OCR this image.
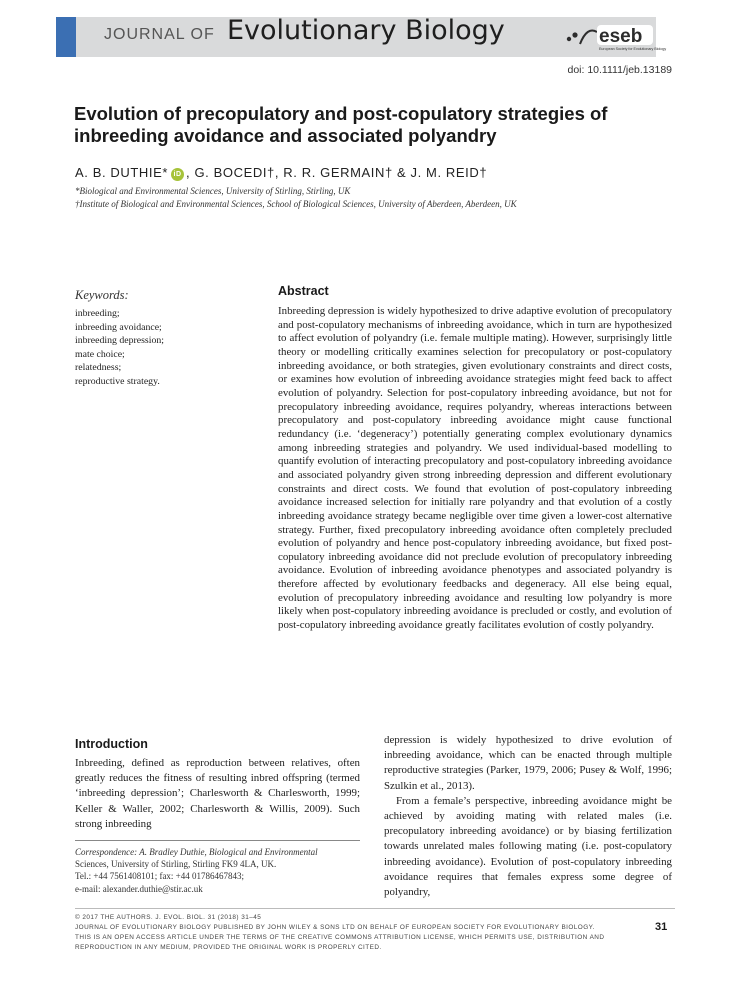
JOURNAL OF Evolutionary Biology	eseb
European Society for Evolutionary Biology
doi: 10.1111/jeb.13189
Evolution of precopulatory and post-copulatory strategies of inbreeding avoidance and associated polyandry
A. B. DUTHIE* iD , G. BOCEDI†, R. R. GERMAIN† & J. M. REID†
*Biological and Environmental Sciences, University of Stirling, Stirling, UK
†Institute of Biological and Environmental Sciences, School of Biological Sciences, University of Aberdeen, Aberdeen, UK
Keywords:
inbreeding;
inbreeding avoidance;
inbreeding depression;
mate choice;
relatedness;
reproductive strategy.
Abstract

Inbreeding depression is widely hypothesized to drive adaptive evolution of precopulatory and post-copulatory mechanisms of inbreeding avoidance, which in turn are hypothesized to affect evolution of polyandry (i.e. female multiple mating). However, surprisingly little theory or modelling critically examines selection for precopulatory or post-copulatory inbreeding avoidance, or both strategies, given evolutionary constraints and direct costs, or examines how evolution of inbreeding avoidance strategies might feed back to affect evolution of polyandry. Selection for post-copulatory inbreeding avoidance, but not for precopulatory inbreeding avoidance, requires polyandry, whereas interactions between precopulatory and post-copulatory inbreeding avoidance might cause functional redundancy (i.e. ‘degeneracy’) potentially generating complex evolutionary dynamics among inbreeding strategies and polyandry. We used individual-based modelling to quantify evolution of interacting precopulatory and post-copulatory inbreeding avoidance and associated polyandry given strong inbreeding depression and different evolutionary constraints and direct costs. We found that evolution of post-copulatory inbreeding avoidance increased selection for initially rare polyandry and that evolution of a costly inbreeding avoidance strategy became negligible over time given a lower-cost alternative strategy. Further, fixed precopulatory inbreeding avoidance often completely precluded evolution of polyandry and hence post-copulatory inbreeding avoidance, but fixed post-copulatory inbreeding avoidance did not preclude evolution of precopulatory inbreeding avoidance. Evolution of inbreeding avoidance phenotypes and associated polyandry is therefore affected by evolutionary feedbacks and degeneracy. All else being equal, evolution of precopulatory inbreeding avoidance and resulting low polyandry is more likely when post-copulatory inbreeding avoidance is precluded or costly, and evolution of post-copulatory inbreeding avoidance greatly facilitates evolution of costly polyandry.

Introduction

Inbreeding, defined as reproduction between relatives, often greatly reduces the fitness of resulting inbred offspring (termed ‘inbreeding depression’; Charlesworth & Charlesworth, 1999; Keller & Waller, 2002; Charlesworth & Willis, 2009). Such strong inbreeding

depression is widely hypothesized to drive evolution of inbreeding avoidance, which can be enacted through multiple reproductive strategies (Parker, 1979, 2006; Pusey & Wolf, 1996; Szulkin et al., 2013).

From a female’s perspective, inbreeding avoidance might be achieved by avoiding mating with related males (i.e. precopulatory inbreeding avoidance) or by biasing fertilization towards unrelated males following mating (i.e. post-copulatory inbreeding avoidance). Evolution of post-copulatory inbreeding avoidance requires that females express some degree of polyandry,

Correspondence: A. Bradley Duthie, Biological and Environmental
Sciences, University of Stirling, Stirling FK9 4LA, UK.
Tel.: +44 7561408101; fax: +44 01786467843;
e-mail: alexander.duthie@stir.ac.uk
© 2017 THE AUTHORS. J. EVOL. BIOL. 31 (2018) 31–45
JOURNAL OF EVOLUTIONARY BIOLOGY PUBLISHED BY JOHN WILEY & SONS LTD ON BEHALF OF EUROPEAN SOCIETY FOR EVOLUTIONARY BIOLOGY.
THIS IS AN OPEN ACCESS ARTICLE UNDER THE TERMS OF THE CREATIVE COMMONS ATTRIBUTION LICENSE, WHICH PERMITS USE, DISTRIBUTION AND
REPRODUCTION IN ANY MEDIUM, PROVIDED THE ORIGINAL WORK IS PROPERLY CITED.
31
